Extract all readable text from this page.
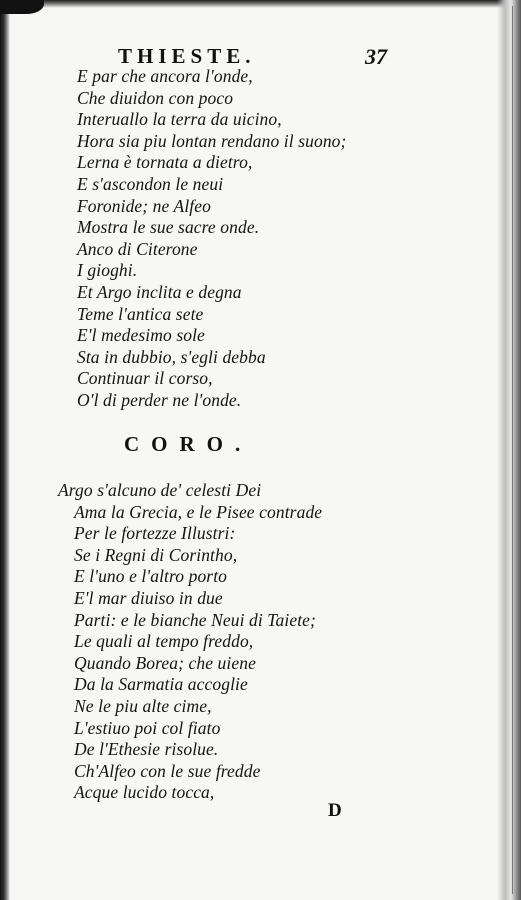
THIESTE.	37
E par che ancora l'onde,
Che diuidon con poco
Interuallo la terra da uicino,
Hora sia piu lontan rendano il suono;
Lerna è tornata a dietro,
E s'ascondon le neui
Foronide; ne Alfeo
Mostra le sue sacre onde.
Anco di Citerone
I gioghi.
Et Argo inclita e degna
Teme l'antica sete
E'l medesimo sole
Sta in dubbio, s'egli debba
Continuar il corso,
O'l di perder ne l'onde.
CORO.
Argo s'alcuno de' celesti Dei
Ama la Grecia, e le Pisee contrade
Per le fortezze Illustri:
Se i Regni di Corintho,
E l'uno e l'altro porto
E'l mar diuiso in due
Parti: e le bianche Neui di Taiete;
Le quali al tempo freddo,
Quando Borea; che uiene
Da la Sarmatia accoglie
Ne le piu alte cime,
L'estiuo poi col fiato
De l'Ethesie risolue.
Ch'Alfeo con le sue fredde
Acque lucido tocca,
D
